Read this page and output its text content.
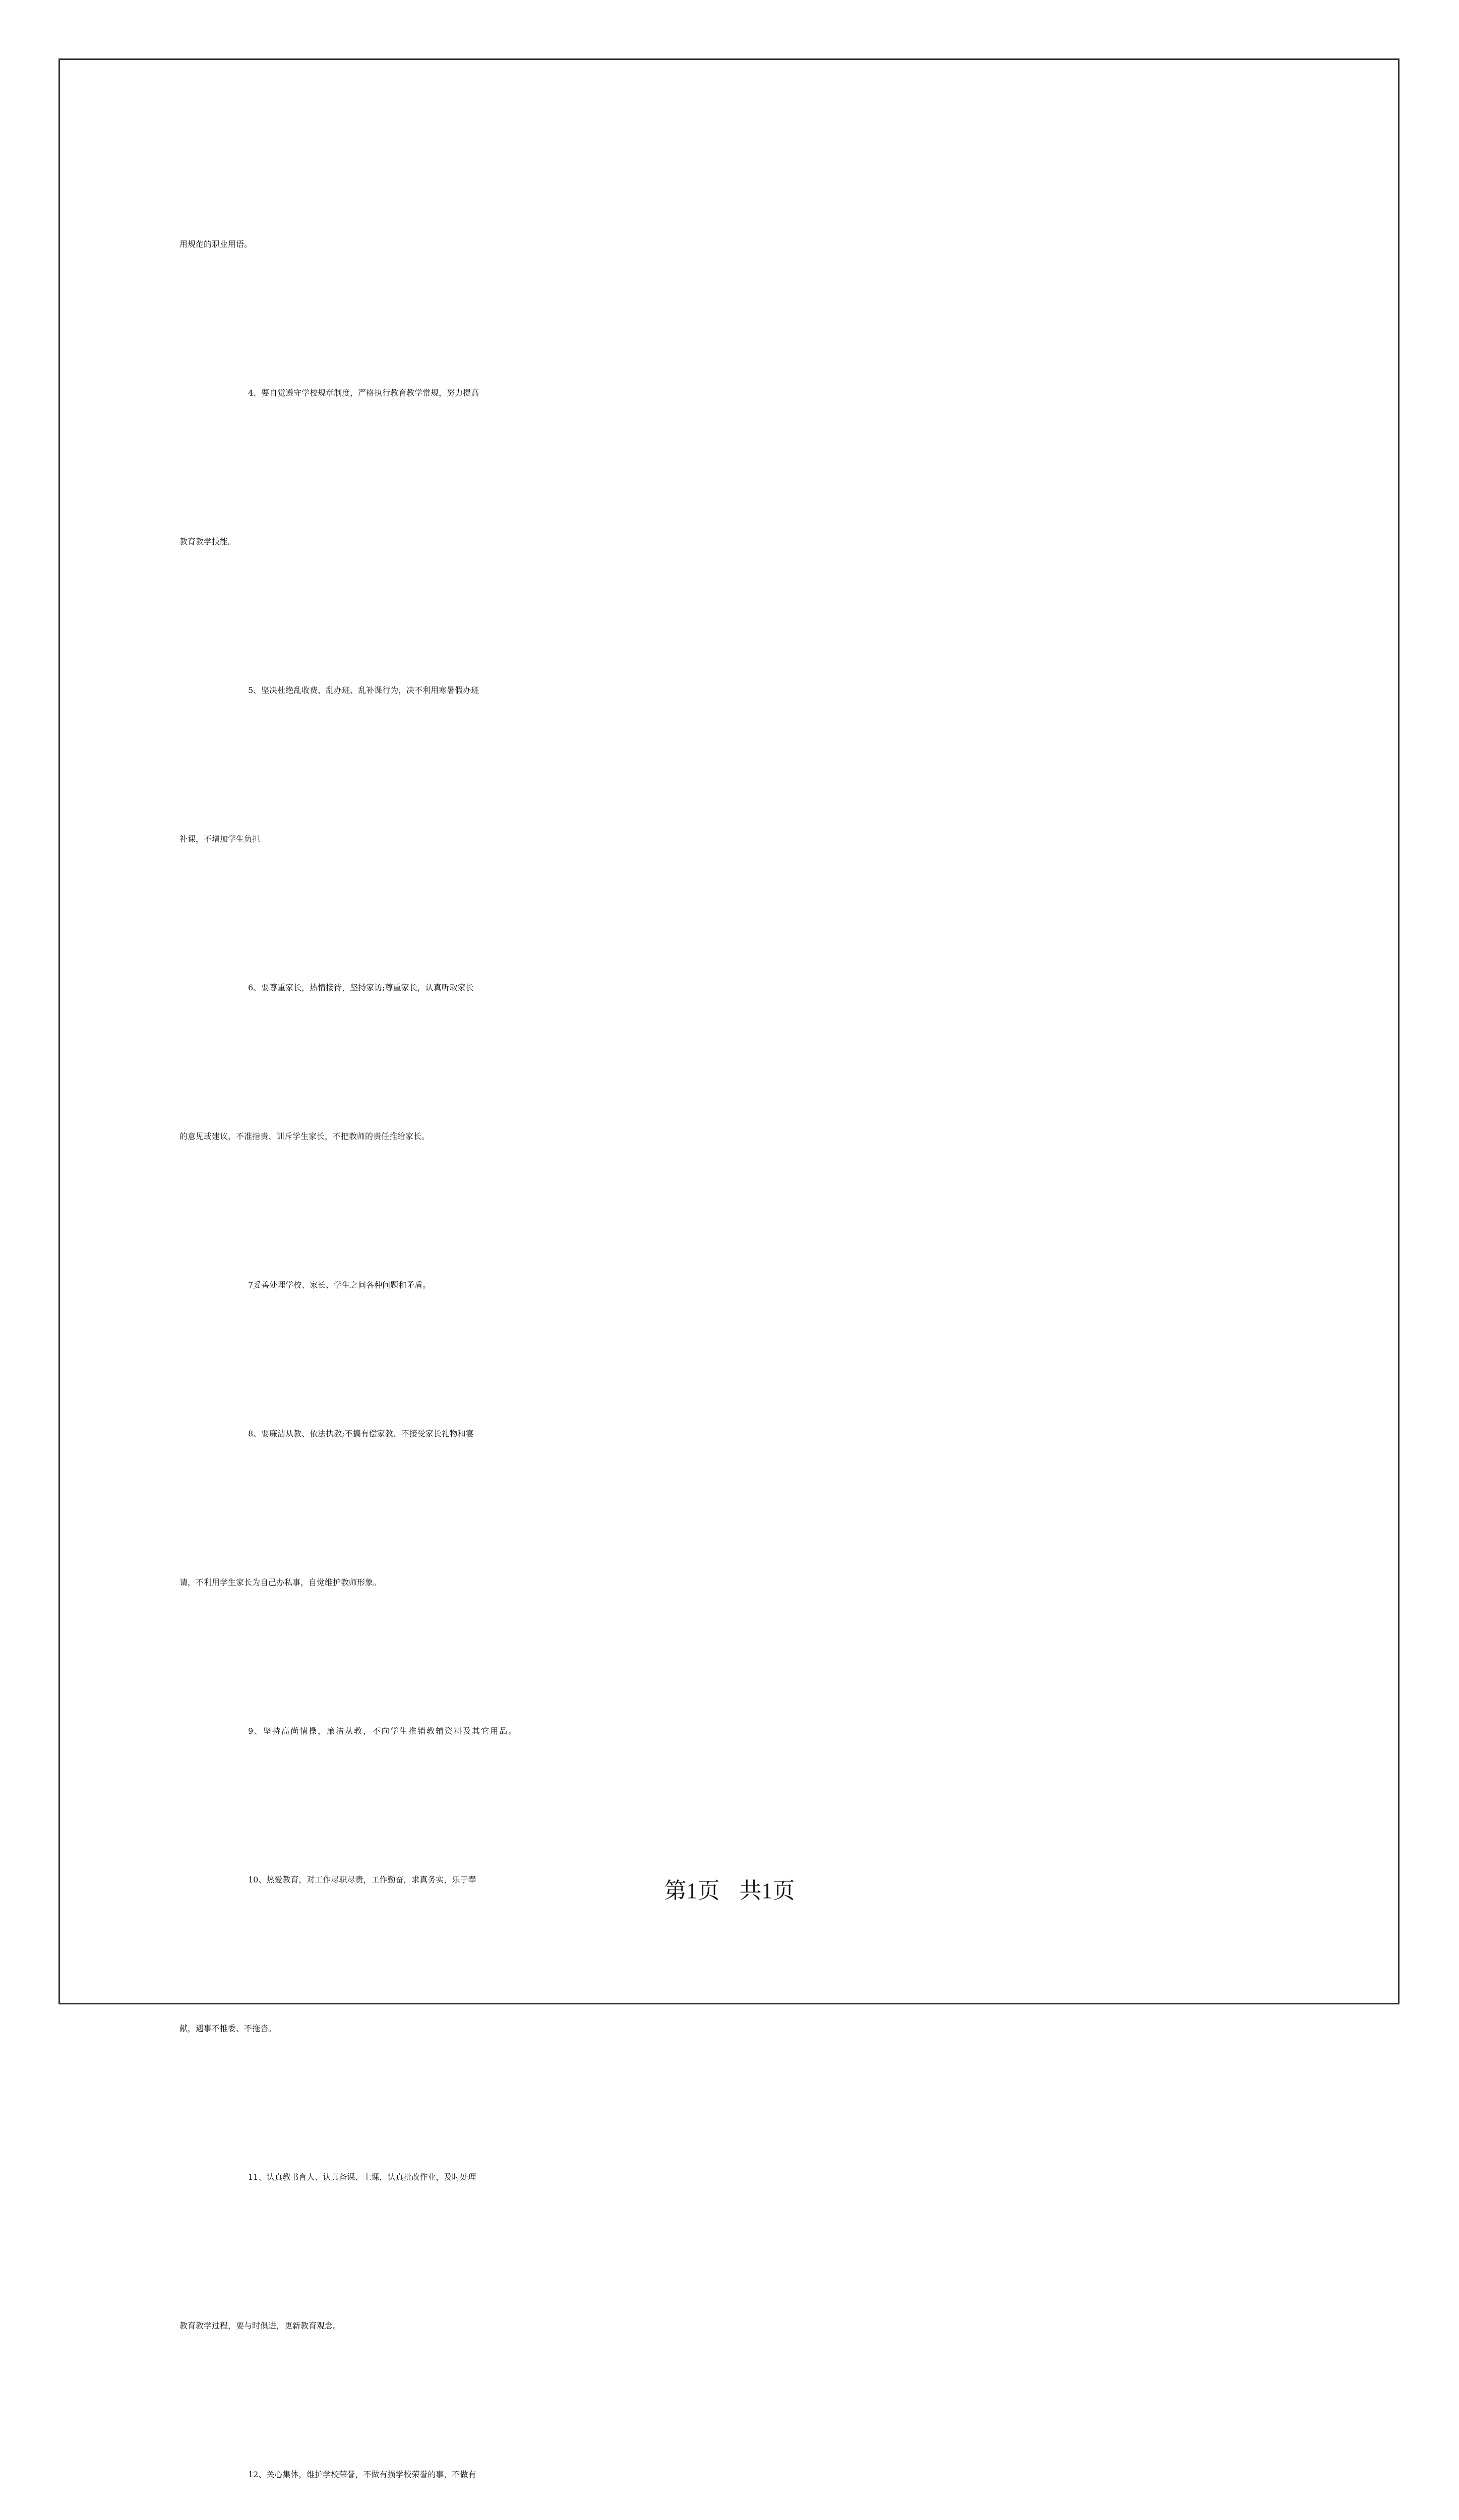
用规范的职业用语。
4、要自觉遵守学校规章制度，严格执行教育教学常规，努力提高
教育教学技能。
5、坚决杜绝乱收费、乱办班、乱补课行为，决不利用寒暑假办班
补课，不增加学生负担
6、要尊重家长，热情接待，坚持家访;尊重家长，认真听取家长
的意见或建议，不准指责、训斥学生家长，不把教师的责任推给家长。
7妥善处理学校、家长、学生之间各种问题和矛盾。
8、要廉洁从教、依法执教;不搞有偿家教、不接受家长礼物和宴
请，不利用学生家长为自己办私事，自觉维护教师形象。
9、坚持高尚情操，廉洁从教，不向学生推销教辅资料及其它用品。
10、热爱教育，对工作尽职尽责，工作勤奋，求真务实，乐于奉
献，遇事不推委、不拖沓。
11、认真教书育人、认真备课、上课，认真批改作业，及时处理
教育教学过程，要与时俱进，更新教育观念。
12、关心集体，维护学校荣誉，不做有损学校荣誉的事，不做有
第1页 共1页
